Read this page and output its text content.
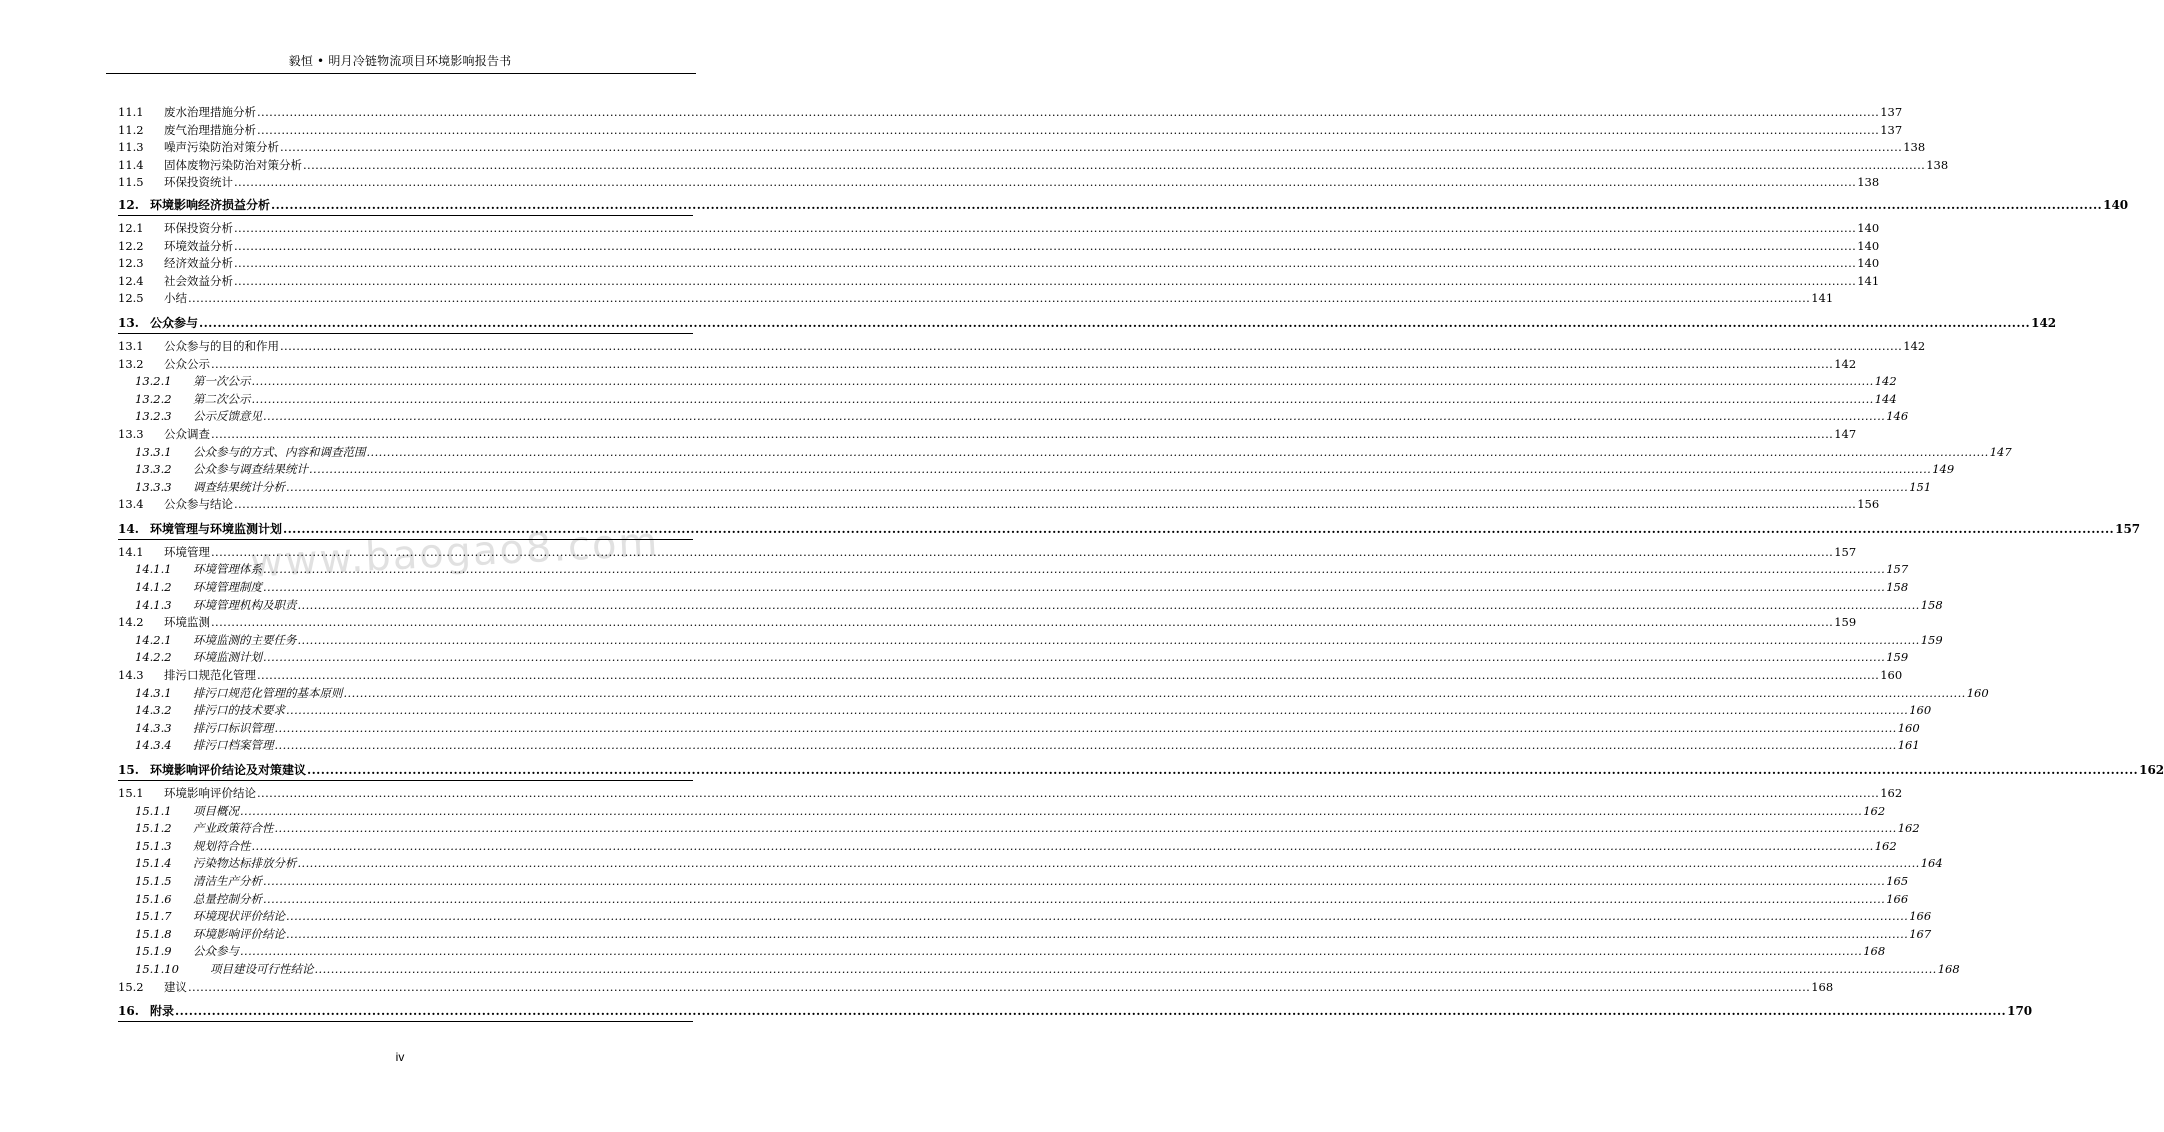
毅恒 • 明月冷链物流项目环境影响报告书
www.baogao8.com
11.1 废水治理措施分析 ................................................................................................................................................................................................................................................................................................................................................................................................................ 137
11.2 废气治理措施分析 ................................................................................................................................................................................................................................................................................................................................................................................................................ 137
11.3 噪声污染防治对策分析 ................................................................................................................................................................................................................................................................................................................................................................................................................ 138
11.4 固体废物污染防治对策分析 ................................................................................................................................................................................................................................................................................................................................................................................................................ 138
11.5 环保投资统计 ................................................................................................................................................................................................................................................................................................................................................................................................................ 138
12. 环境影响经济损益分析 ................................................................................................................................................................................................................................................................................................................................................................................................................ 140
12.1 环保投资分析 ................................................................................................................................................................................................................................................................................................................................................................................................................ 140
12.2 环境效益分析 ................................................................................................................................................................................................................................................................................................................................................................................................................ 140
12.3 经济效益分析 ................................................................................................................................................................................................................................................................................................................................................................................................................ 140
12.4 社会效益分析 ................................................................................................................................................................................................................................................................................................................................................................................................................ 141
12.5 小结 ................................................................................................................................................................................................................................................................................................................................................................................................................ 141
13. 公众参与 ................................................................................................................................................................................................................................................................................................................................................................................................................ 142
13.1 公众参与的目的和作用 ................................................................................................................................................................................................................................................................................................................................................................................................................ 142
13.2 公众公示 ................................................................................................................................................................................................................................................................................................................................................................................................................ 142
13.2.1 第一次公示 ................................................................................................................................................................................................................................................................................................................................................................................................................ 142
13.2.2 第二次公示 ................................................................................................................................................................................................................................................................................................................................................................................................................ 144
13.2.3 公示反馈意见 ................................................................................................................................................................................................................................................................................................................................................................................................................ 146
13.3 公众调查 ................................................................................................................................................................................................................................................................................................................................................................................................................ 147
13.3.1 公众参与的方式、内容和调查范围 ................................................................................................................................................................................................................................................................................................................................................................................................................ 147
13.3.2 公众参与调查结果统计 ................................................................................................................................................................................................................................................................................................................................................................................................................ 149
13.3.3 调查结果统计分析 ................................................................................................................................................................................................................................................................................................................................................................................................................ 151
13.4 公众参与结论 ................................................................................................................................................................................................................................................................................................................................................................................................................ 156
14. 环境管理与环境监测计划 ................................................................................................................................................................................................................................................................................................................................................................................................................ 157
14.1 环境管理 ................................................................................................................................................................................................................................................................................................................................................................................................................ 157
14.1.1 环境管理体系 ................................................................................................................................................................................................................................................................................................................................................................................................................ 157
14.1.2 环境管理制度 ................................................................................................................................................................................................................................................................................................................................................................................................................ 158
14.1.3 环境管理机构及职责 ................................................................................................................................................................................................................................................................................................................................................................................................................ 158
14.2 环境监测 ................................................................................................................................................................................................................................................................................................................................................................................................................ 159
14.2.1 环境监测的主要任务 ................................................................................................................................................................................................................................................................................................................................................................................................................ 159
14.2.2 环境监测计划 ................................................................................................................................................................................................................................................................................................................................................................................................................ 159
14.3 排污口规范化管理 ................................................................................................................................................................................................................................................................................................................................................................................................................ 160
14.3.1 排污口规范化管理的基本原则 ................................................................................................................................................................................................................................................................................................................................................................................................................ 160
14.3.2 排污口的技术要求 ................................................................................................................................................................................................................................................................................................................................................................................................................ 160
14.3.3 排污口标识管理 ................................................................................................................................................................................................................................................................................................................................................................................................................ 160
14.3.4 排污口档案管理 ................................................................................................................................................................................................................................................................................................................................................................................................................ 161
15. 环境影响评价结论及对策建议 ................................................................................................................................................................................................................................................................................................................................................................................................................ 162
15.1 环境影响评价结论 ................................................................................................................................................................................................................................................................................................................................................................................................................ 162
15.1.1 项目概况 ................................................................................................................................................................................................................................................................................................................................................................................................................ 162
15.1.2 产业政策符合性 ................................................................................................................................................................................................................................................................................................................................................................................................................ 162
15.1.3 规划符合性 ................................................................................................................................................................................................................................................................................................................................................................................................................ 162
15.1.4 污染物达标排放分析 ................................................................................................................................................................................................................................................................................................................................................................................................................ 164
15.1.5 清洁生产分析 ................................................................................................................................................................................................................................................................................................................................................................................................................ 165
15.1.6 总量控制分析 ................................................................................................................................................................................................................................................................................................................................................................................................................ 166
15.1.7 环境现状评价结论 ................................................................................................................................................................................................................................................................................................................................................................................................................ 166
15.1.8 环境影响评价结论 ................................................................................................................................................................................................................................................................................................................................................................................................................ 167
15.1.9 公众参与 ................................................................................................................................................................................................................................................................................................................................................................................................................ 168
15.1.10	项目建设可行性结论 ................................................................................................................................................................................................................................................................................................................................................................................................................ 168
15.2 建议 ................................................................................................................................................................................................................................................................................................................................................................................................................ 168
16. 附录 ................................................................................................................................................................................................................................................................................................................................................................................................................ 170
iv
